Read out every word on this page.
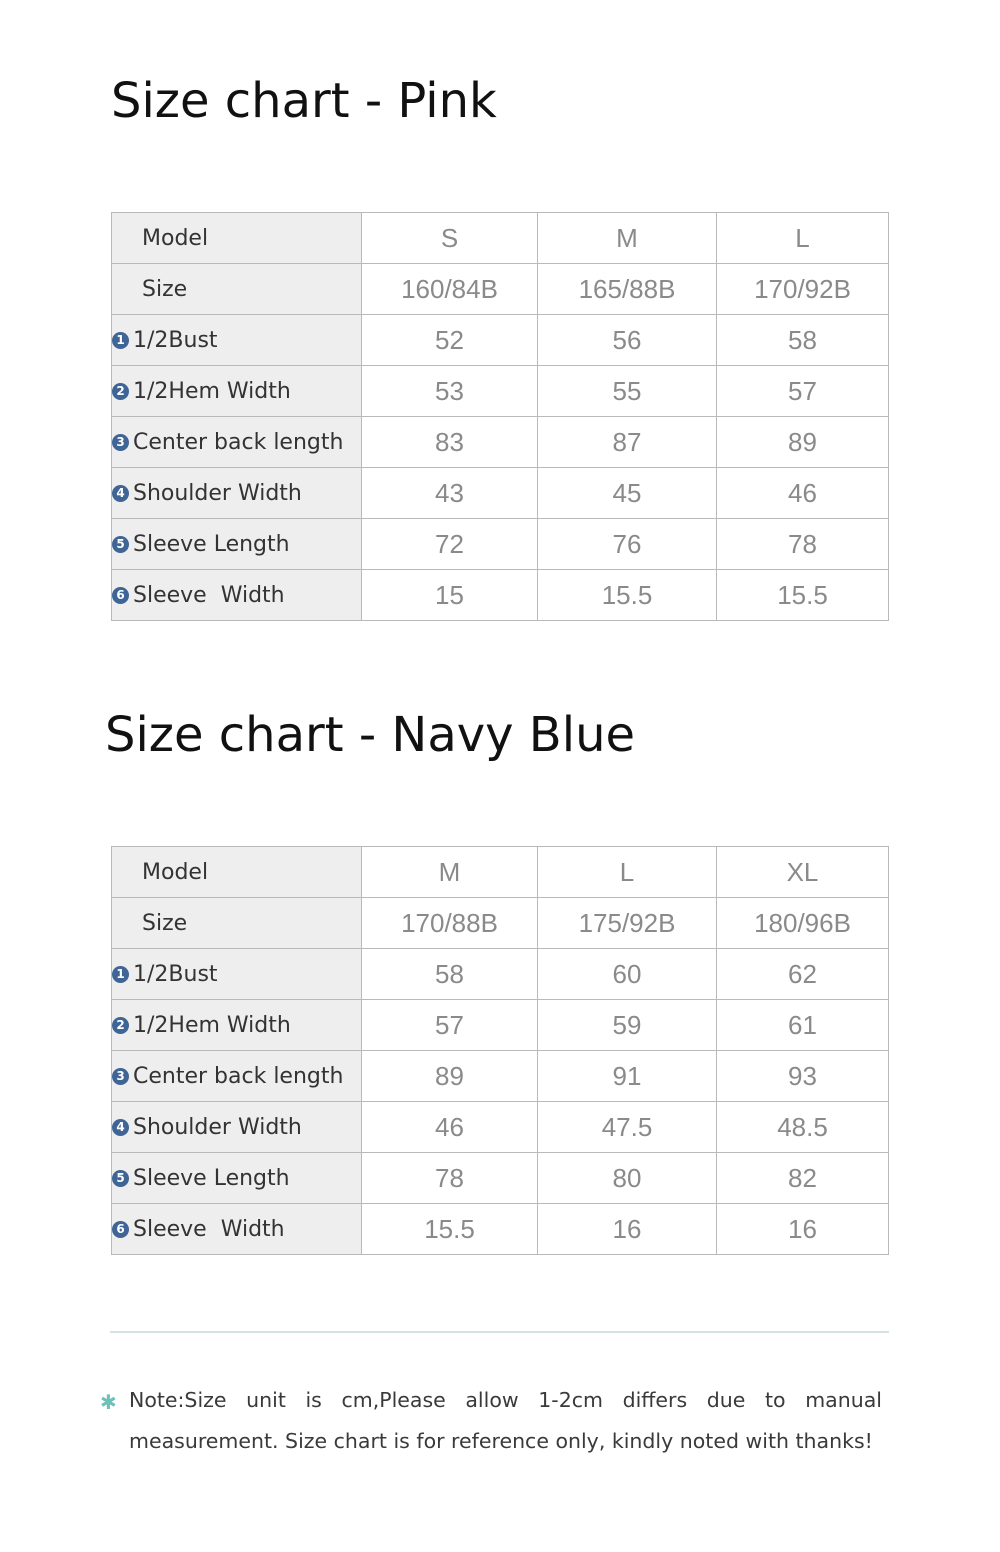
Size chart - Pink
Model	S	M	L
Size	160/84B	165/88B	170/92B
1 1/2Bust	52	56	58
2 1/2Hem Width	53	55	57
3 Center back length	83	87	89
4 Shoulder Width	43	45	46
5 Sleeve Length	72	76	78
6 Sleeve  Width	15	15.5	15.5
Size chart - Navy Blue
Model	M	L	XL
Size	170/88B	175/92B	180/96B
1 1/2Bust	58	60	62
2 1/2Hem Width	57	59	61
3 Center back length	89	91	93
4 Shoulder Width	46	47.5	48.5
5 Sleeve Length	78	80	82
6 Sleeve  Width	15.5	16	16
✱ Note:Size unit is cm,Please allow 1-2cm differs due to manual measurement. Size chart is for reference only, kindly noted with thanks!
